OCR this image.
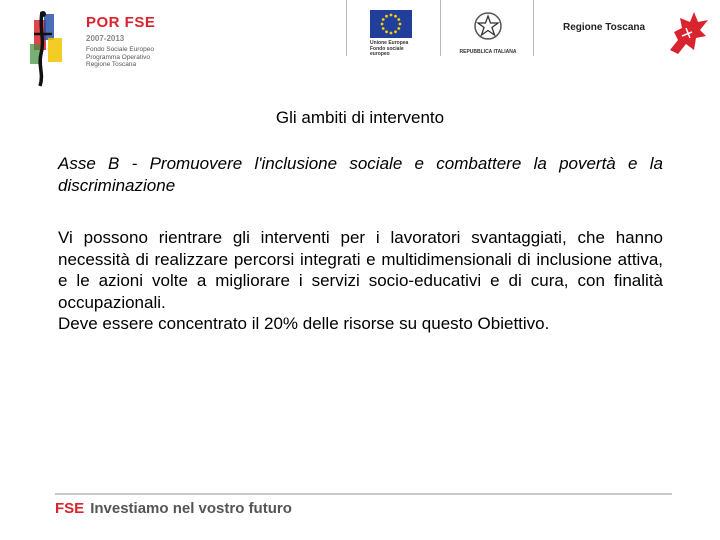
POR FSE
2007-2013
Fondo Sociale Europeo
Programma Operativo
Regione Toscana
Unione Europea
Fondo sociale europeo	REPUBBLICA ITALIANA
Regione Toscana
Gli ambiti di intervento
Asse B - Promuovere l'inclusione sociale e combattere la povertà e la discriminazione

Vi possono rientrare gli interventi per i lavoratori svantaggiati, che hanno necessità di realizzare percorsi integrati e multidimensionali di inclusione attiva, e le azioni volte a migliorare i servizi socio-educativi e di cura, con finalità occupazionali.

Deve essere concentrato il 20% delle risorse su questo Obiettivo.

FSE Investiamo nel vostro futuro
